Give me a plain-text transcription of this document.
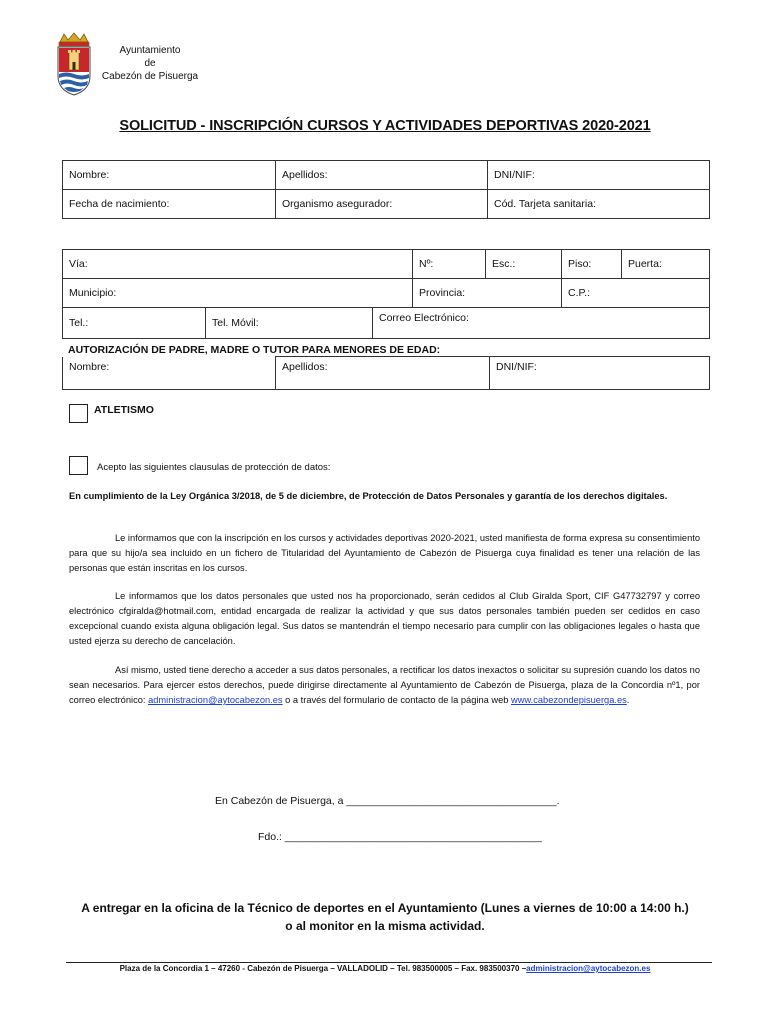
Ayuntamiento
de
Cabezón de Pisuerga
SOLICITUD - INSCRIPCIÓN CURSOS Y ACTIVIDADES DEPORTIVAS 2020-2021
Nombre:	Apellidos:	DNI/NIF:
Fecha de nacimiento:	Organismo asegurador:	Cód. Tarjeta sanitaria:
Vía:			Nº:	Esc.:	Piso:	Puerta:
Municipio:			Provincia:		C.P.:	
Tel.:	Tel. Móvil:	Correo Electrónico:				
AUTORIZACIÓN DE PADRE, MADRE O TUTOR PARA MENORES DE EDAD:
Nombre:	Apellidos:	DNI/NIF:
ATLETISMO
Acepto las siguientes clausulas de protección de datos:
En cumplimiento de la Ley Orgánica 3/2018, de 5 de diciembre, de Protección de Datos Personales y garantía de los derechos digitales.
Le informamos que con la inscripción en los cursos y actividades deportivas 2020-2021, usted manifiesta de forma expresa su consentimiento para que su hijo/a sea incluido en un fichero de Titularidad del Ayuntamiento de Cabezón de Pisuerga cuya finalidad es tener una relación de las personas que están inscritas en los cursos.
Le informamos que los datos personales que usted nos ha proporcionado, serán cedidos al Club Giralda Sport, CIF G47732797 y correo electrónico cfgiralda@hotmail.com, entidad encargada de realizar la actividad y que sus datos personales también pueden ser cedidos en caso excepcional cuando exista alguna obligación legal. Sus datos se mantendrán el tiempo necesario para cumplir con las obligaciones legales o hasta que usted ejerza su derecho de cancelación.
Así mismo, usted tiene derecho a acceder a sus datos personales, a rectificar los datos inexactos o solicitar su supresión cuando los datos no sean necesarios. Para ejercer estos derechos, puede dirigirse directamente al Ayuntamiento de Cabezón de Pisuerga, plaza de la Concordia nº1, por correo electrónico: administracion@aytocabezon.es o a través del formulario de contacto de la página web www.cabezondepisuerga.es.
En Cabezón de Pisuerga, a ____________________________________.
Fdo.: ____________________________________________
A entregar en la oficina de la Técnico de deportes en el Ayuntamiento (Lunes a viernes de 10:00 a 14:00 h.)
o al monitor en la misma actividad.
Plaza de la Concordia 1 – 47260 - Cabezón de Pisuerga – VALLADOLID – Tel. 983500005 – Fax. 983500370 –administracion@aytocabezon.es
